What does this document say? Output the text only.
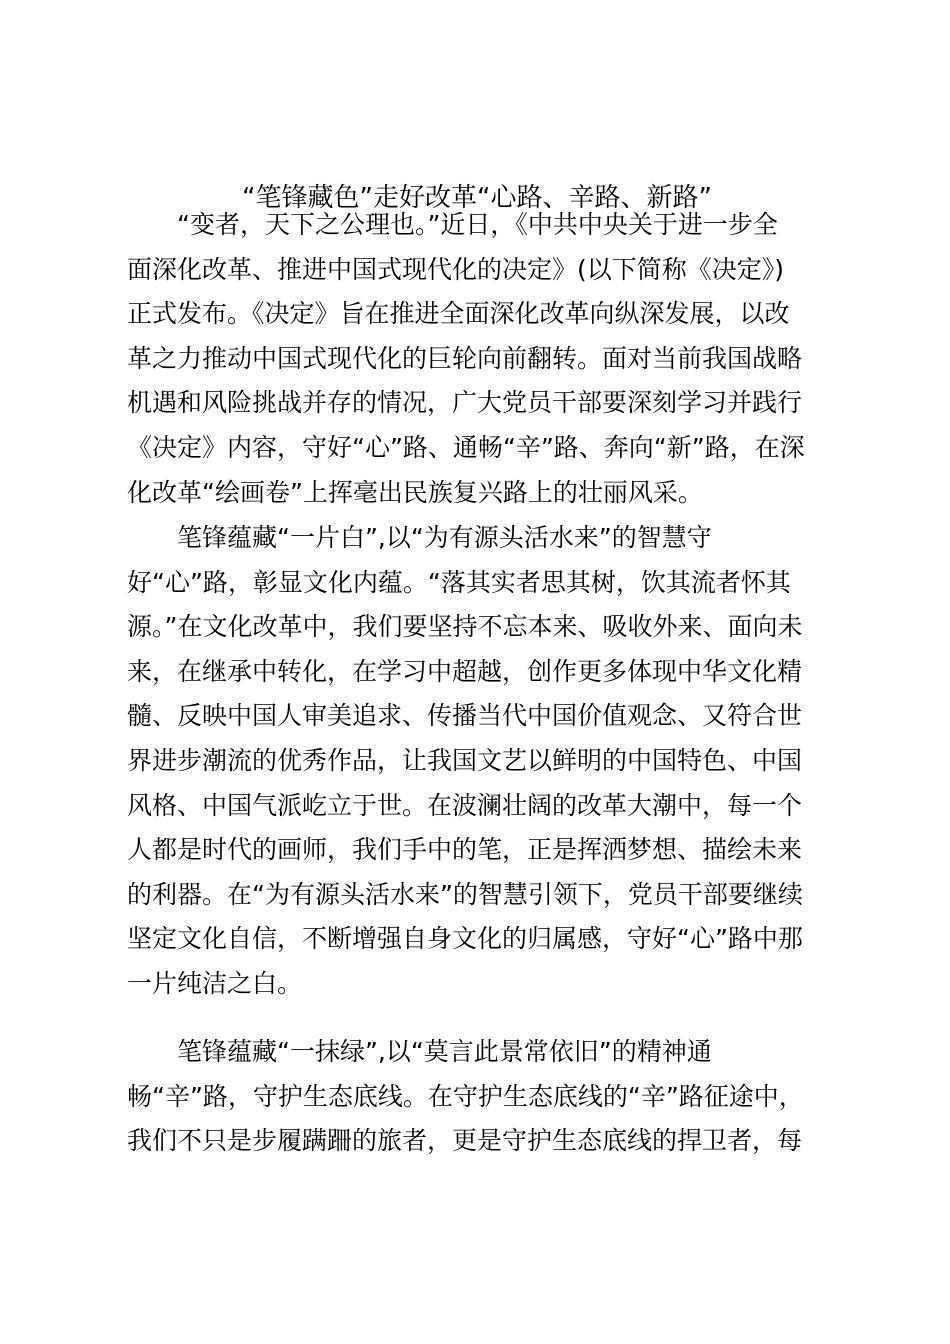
“笔锋藏色”走好改革“心路、辛路、新路”
“变者，天下之公理也。”近日，《中共中央关于进一步全
面深化改革、推进中国式现代化的决定》(以下简称《决定》)
正式发布。《决定》旨在推进全面深化改革向纵深发展，以改
革之力推动中国式现代化的巨轮向前翻转。面对当前我国战略
机遇和风险挑战并存的情况，广大党员干部要深刻学习并践行
《决定》内容，守好“心”路、通畅“辛”路、奔向“新”路，在深
化改革“绘画卷”上挥毫出民族复兴路上的壮丽风采。
笔锋蕴藏“一片白”,以“为有源头活水来”的智慧守
好“心”路，彰显文化内蕴。“落其实者思其树，饮其流者怀其
源。”在文化改革中，我们要坚持不忘本来、吸收外来、面向未
来，在继承中转化，在学习中超越，创作更多体现中华文化精
髓、反映中国人审美追求、传播当代中国价值观念、又符合世
界进步潮流的优秀作品，让我国文艺以鲜明的中国特色、中国
风格、中国气派屹立于世。在波澜壮阔的改革大潮中，每一个
人都是时代的画师，我们手中的笔，正是挥洒梦想、描绘未来
的利器。在“为有源头活水来”的智慧引领下，党员干部要继续
坚定文化自信，不断增强自身文化的归属感，守好“心”路中那
一片纯洁之白。
笔锋蕴藏“一抹绿”,以“莫言此景常依旧”的精神通
畅“辛”路，守护生态底线。在守护生态底线的“辛”路征途中，
我们不只是步履蹒跚的旅者，更是守护生态底线的捍卫者，每
